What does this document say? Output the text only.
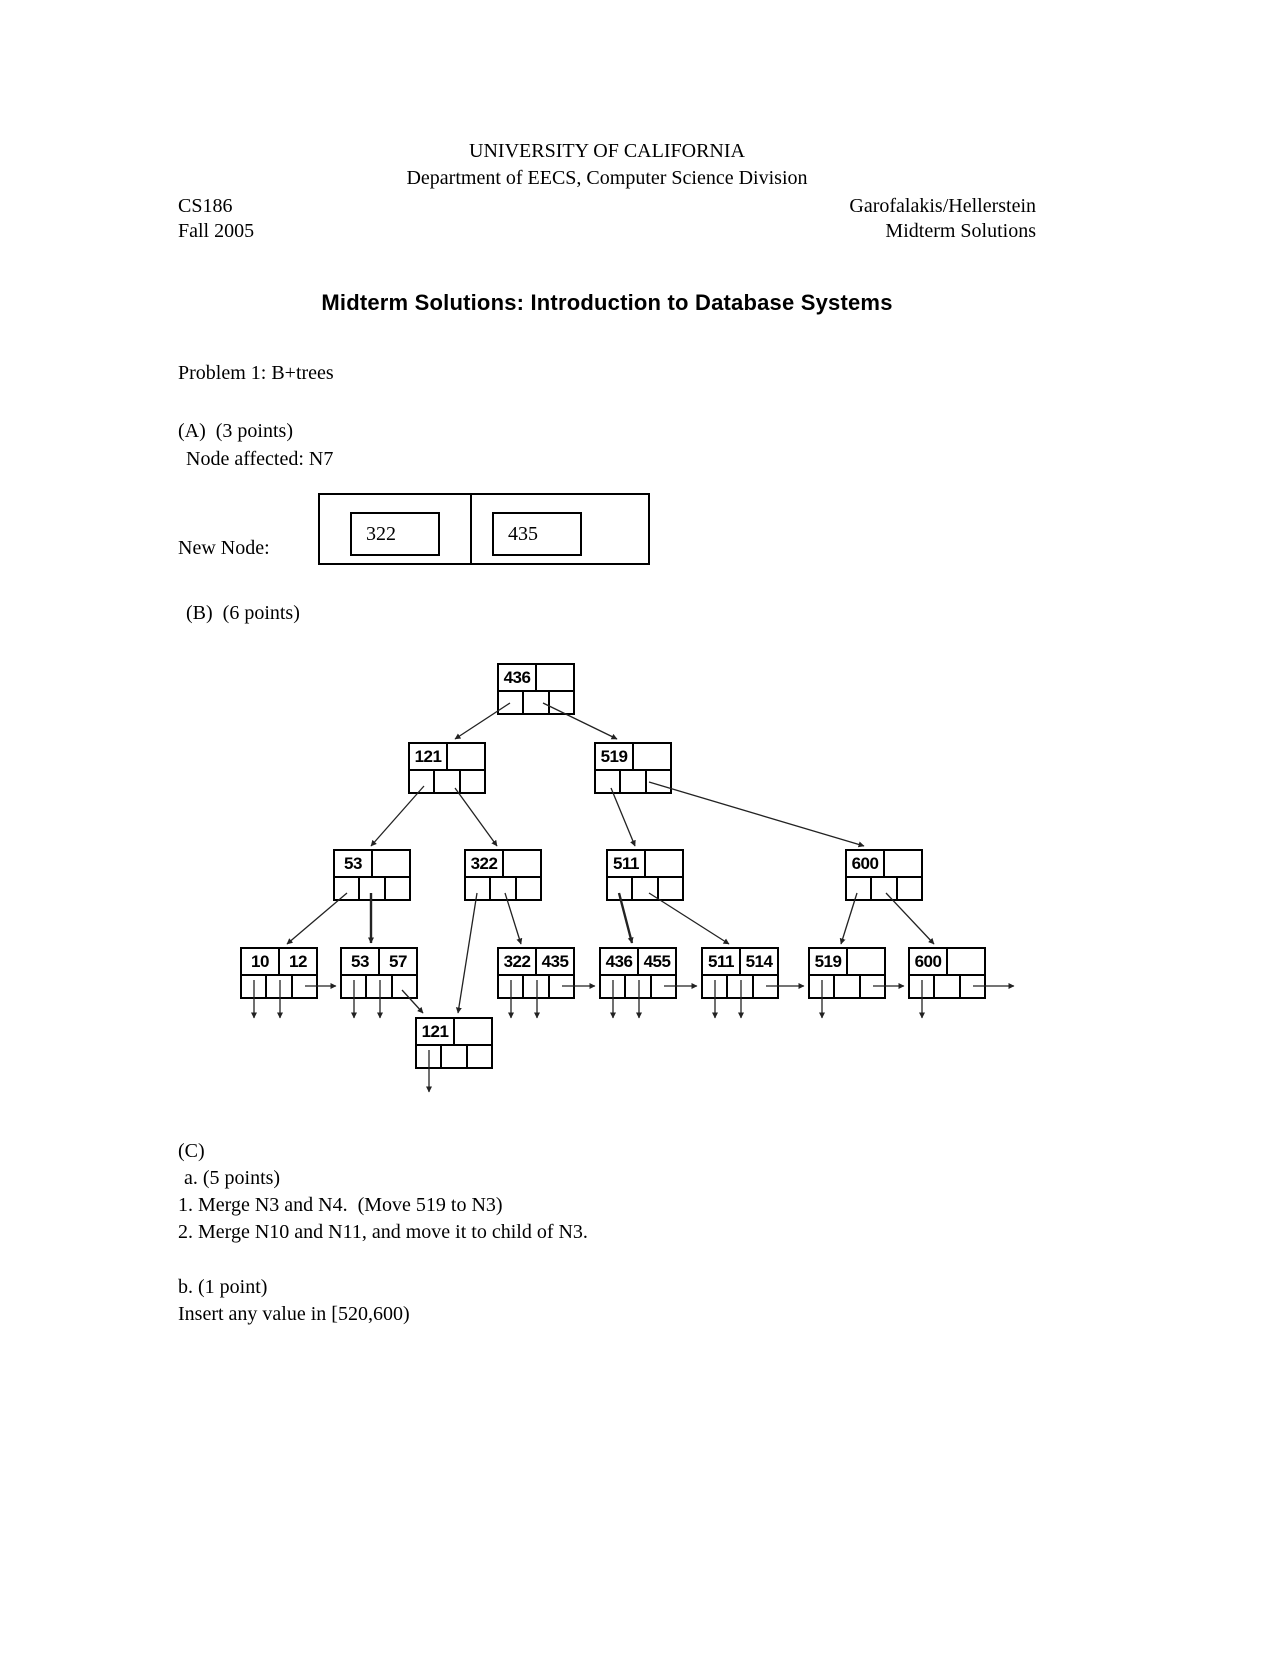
UNIVERSITY OF CALIFORNIA
Department of EECS, Computer Science Division
CS186	Garofalakis/Hellerstein
Fall 2005	Midterm Solutions
Midterm Solutions: Introduction to Database Systems
Problem 1: B+trees
(A)  (3 points)
Node affected: N7
New Node:
322	435
(B)  (6 points)
436
121	519
53	322	511	600
10	12	53	57	322 435 436 455 511 514 519	600
121
(C)
a. (5 points)
1. Merge N3 and N4.  (Move 519 to N3)
2. Merge N10 and N11, and move it to child of N3.
b. (1 point)
Insert any value in [520,600)
